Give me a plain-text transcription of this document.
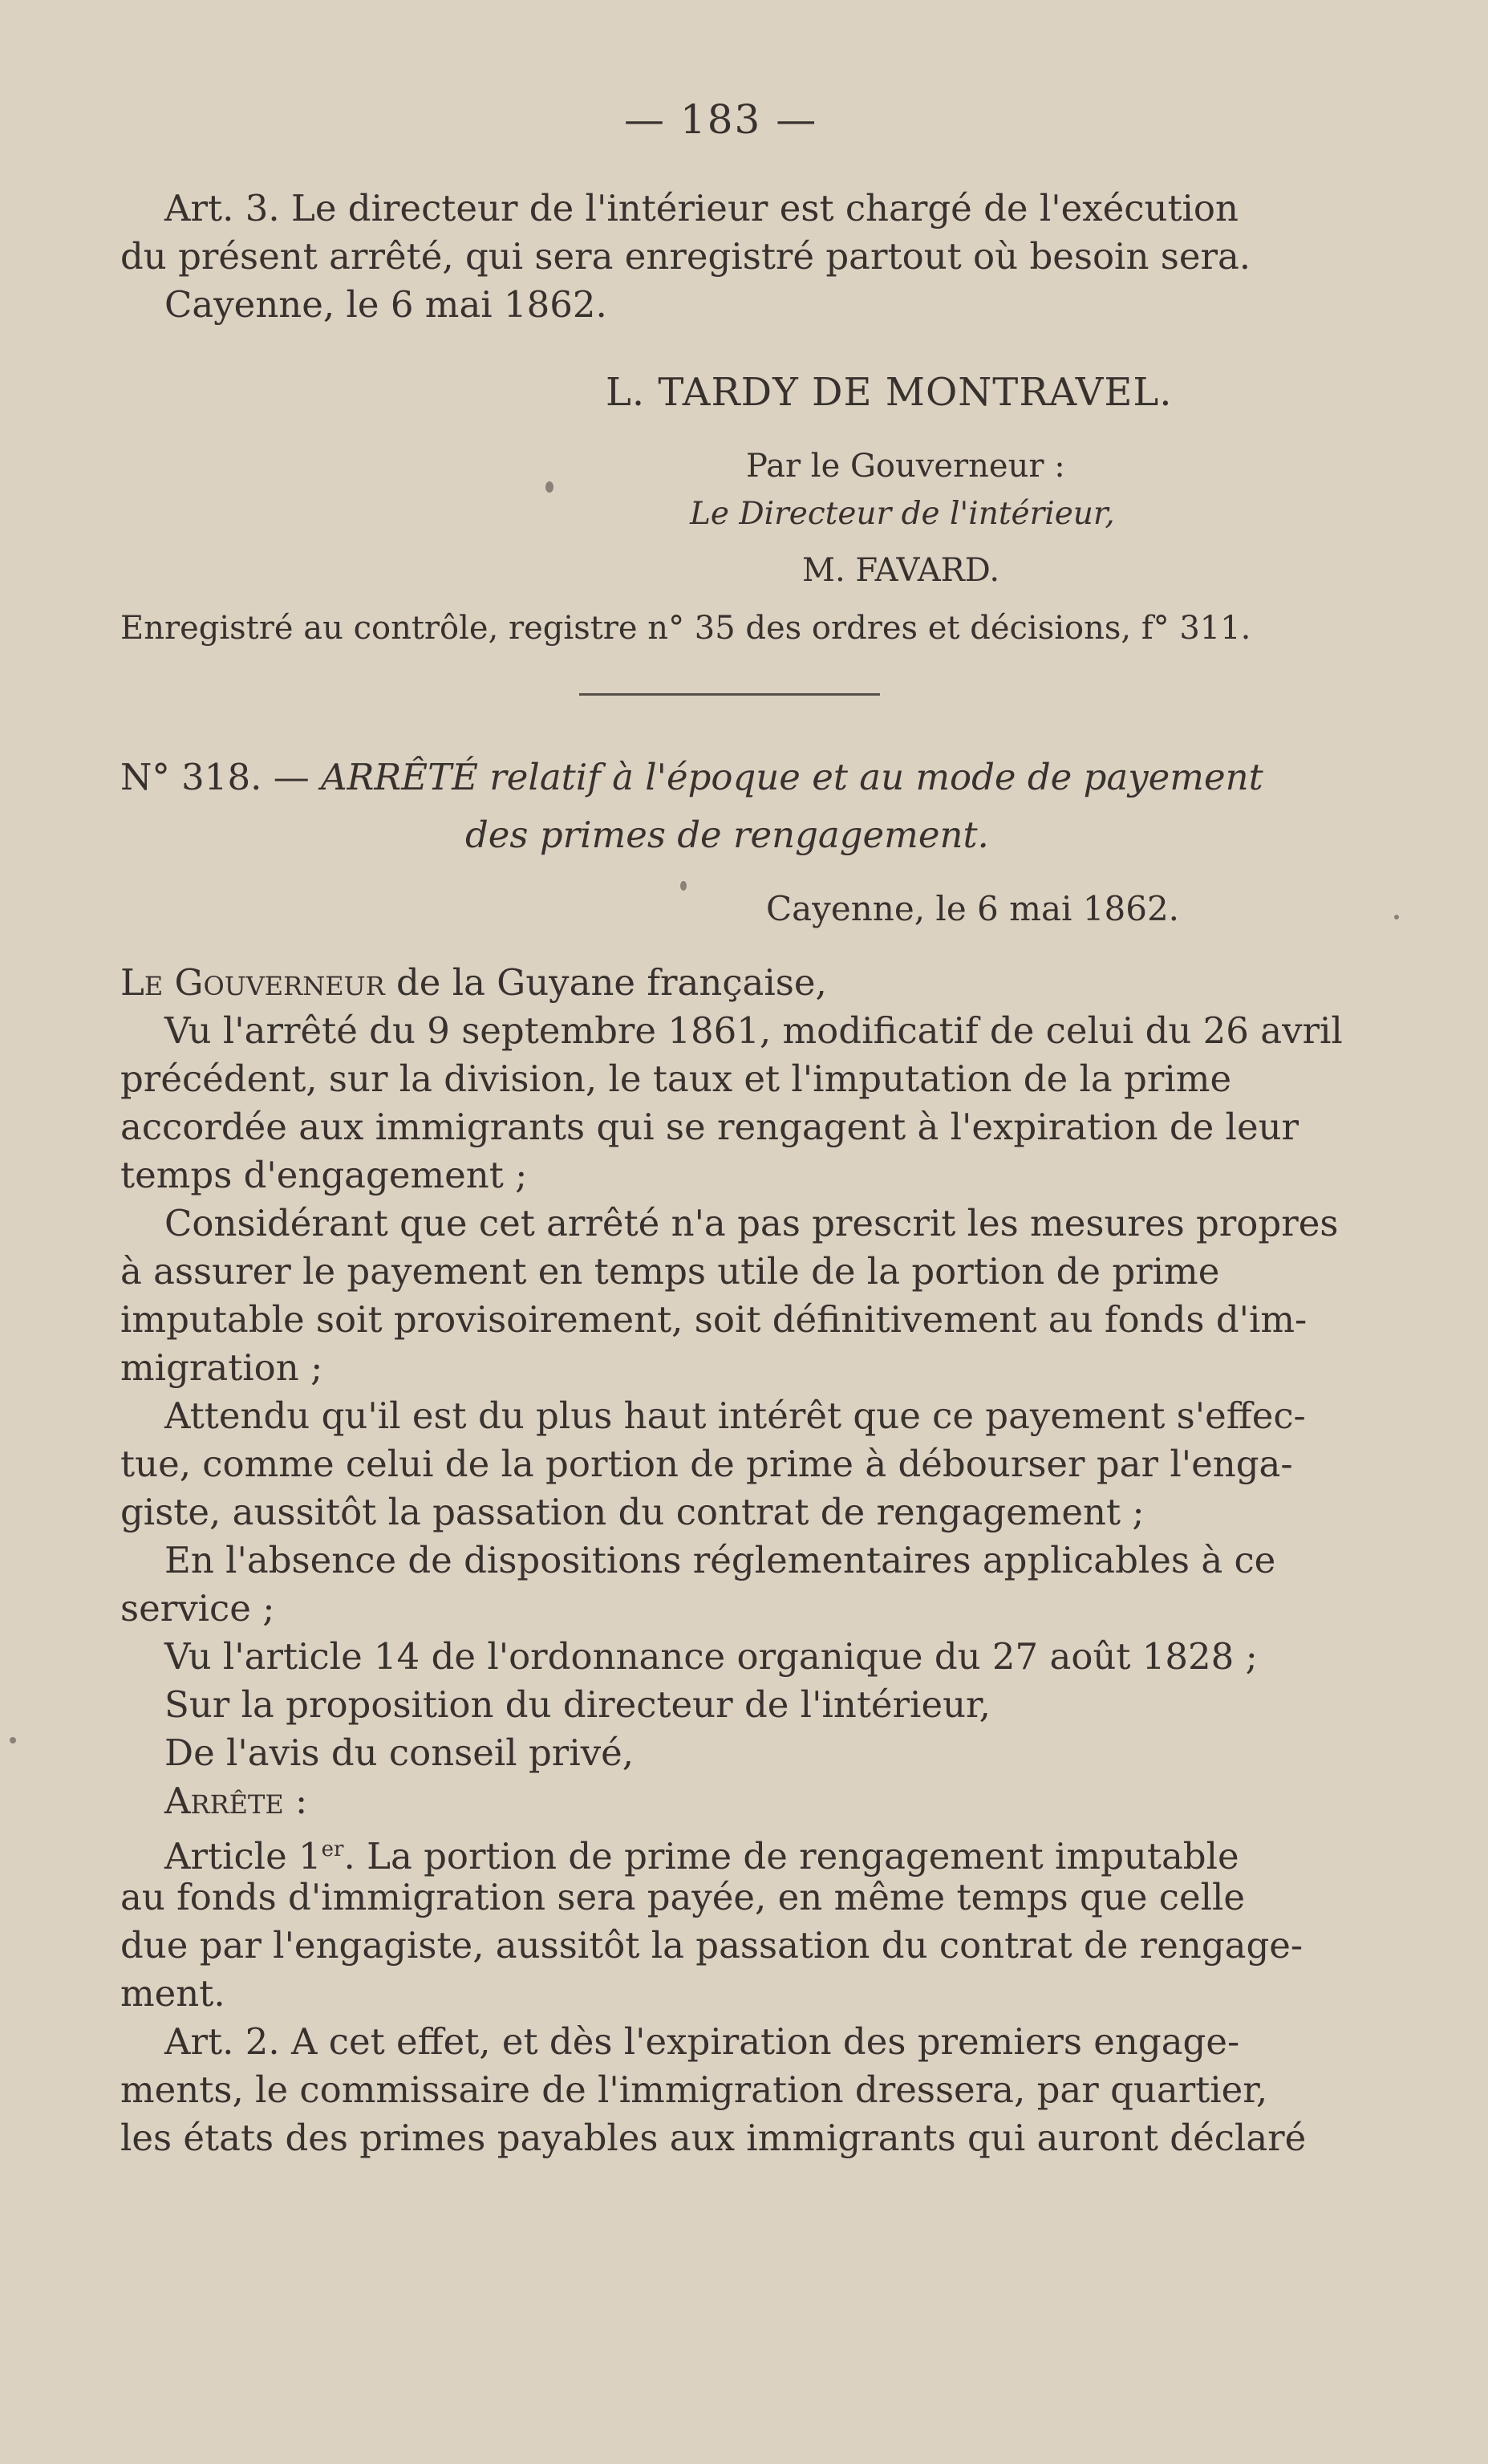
— 183 —
Art. 3. Le directeur de l'intérieur est chargé de l'exécution
du présent arrêté, qui sera enregistré partout où besoin sera.
Cayenne, le 6 mai 1862.
L. TARDY DE MONTRAVEL.
Par le Gouverneur :
Le Directeur de l'intérieur,
M. FAVARD.
Enregistré au contrôle, registre n° 35 des ordres et décisions, f° 311.
N° 318. — ARRÊTÉ relatif à l'époque et au mode de payement
des primes de rengagement.
Cayenne, le 6 mai 1862.
Le Gouverneur de la Guyane française,
Vu l'arrêté du 9 septembre 1861, modificatif de celui du 26 avril
précédent, sur la division, le taux et l'imputation de la prime
accordée aux immigrants qui se rengagent à l'expiration de leur
temps d'engagement ;
Considérant que cet arrêté n'a pas prescrit les mesures propres
à assurer le payement en temps utile de la portion de prime
imputable soit provisoirement, soit définitivement au fonds d'im-
migration ;
Attendu qu'il est du plus haut intérêt que ce payement s'effec-
tue, comme celui de la portion de prime à débourser par l'enga-
giste, aussitôt la passation du contrat de rengagement ;
En l'absence de dispositions réglementaires applicables à ce
service ;
Vu l'article 14 de l'ordonnance organique du 27 août 1828 ;
Sur la proposition du directeur de l'intérieur,
De l'avis du conseil privé,
Arrête :
Article 1er. La portion de prime de rengagement imputable
au fonds d'immigration sera payée, en même temps que celle
due par l'engagiste, aussitôt la passation du contrat de rengage-
ment.
Art. 2. A cet effet, et dès l'expiration des premiers engage-
ments, le commissaire de l'immigration dressera, par quartier,
les états des primes payables aux immigrants qui auront déclaré
